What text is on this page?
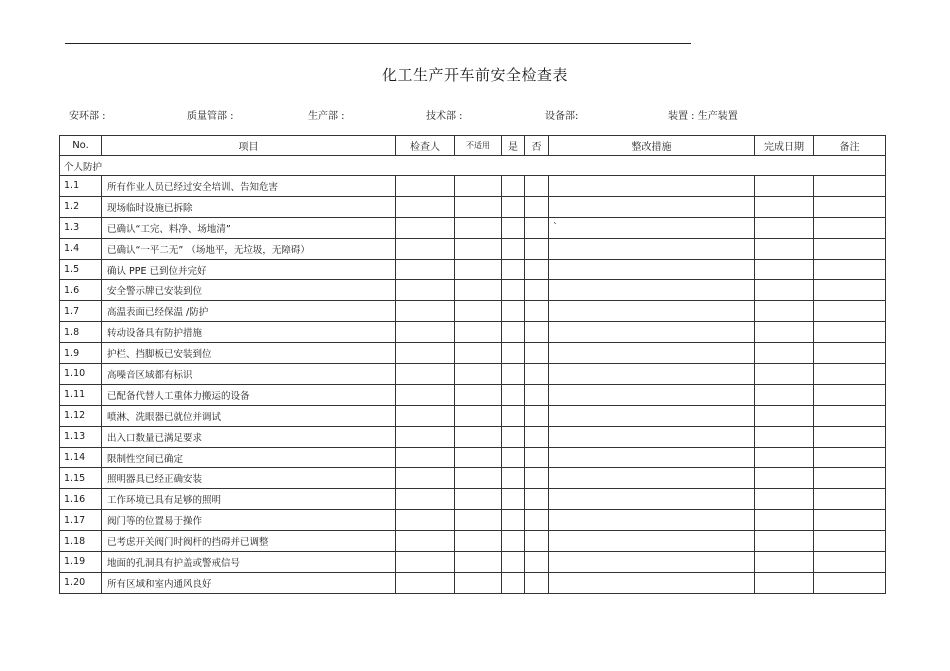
化工生产开车前安全检查表
安环部 :	质量管部 :	生产部 :	技术部 :	设备部:	装置 : 生产装置
No.	项目	检查人	不适用	是	否	整改措施	完成日期	备注
个人防护								
1.1	所有作业人员已经过安全培训、告知危害							
1.2	现场临时设施已拆除							
1.3	已确认“工完、料净、场地清”					`		
1.4	已确认“一平二无” （场地平，无垃圾，无障碍）							
1.5	确认 PPE 已到位并完好							
1.6	安全警示牌已安装到位							
1.7	高温表面已经保温 /防护							
1.8	转动设备具有防护措施							
1.9	护栏、挡脚板已安装到位							
1.10	高噪音区域都有标识							
1.11	已配备代替人工重体力搬运的设备							
1.12	喷淋、洗眼器已就位并调试							
1.13	出入口数量已满足要求							
1.14	限制性空间已确定							
1.15	照明器具已经正确安装							
1.16	工作环境已具有足够的照明							
1.17	阀门等的位置易于操作							
1.18	已考虑开关阀门时阀杆的挡碍并已调整							
1.19	地面的孔洞具有护盖或警戒信号							
1.20	所有区域和室内通风良好							
